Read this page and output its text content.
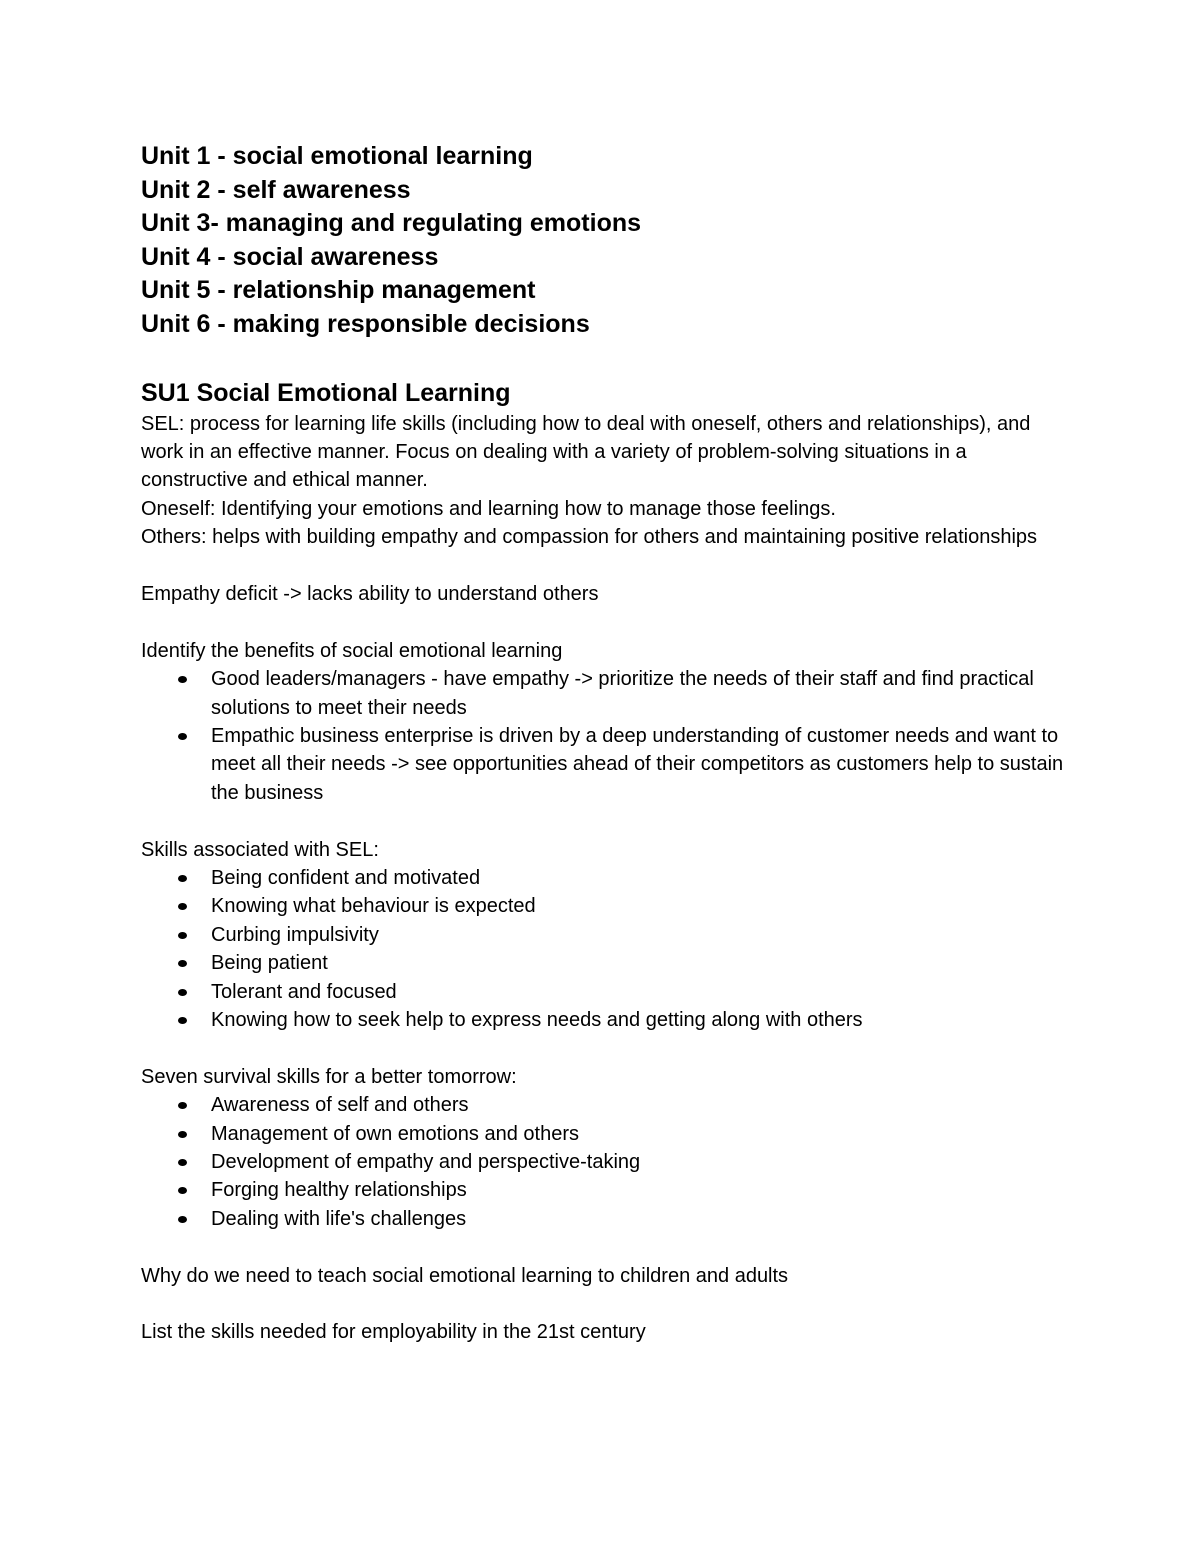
Unit 1 - social emotional learning
Unit 2 - self awareness
Unit 3- managing and regulating emotions
Unit 4 - social awareness
Unit 5 - relationship management
Unit 6 - making responsible decisions
SU1 Social Emotional Learning
SEL: process for learning life skills (including how to deal with oneself, others and relationships), and work in an effective manner. Focus on dealing with a variety of problem-solving situations in a constructive and ethical manner.
Oneself: Identifying your emotions and learning how to manage those feelings.
Others: helps with building empathy and compassion for others and maintaining positive relationships
Empathy deficit -> lacks ability to understand others
Identify the benefits of social emotional learning
Good leaders/managers - have empathy -> prioritize the needs of their staff and find practical solutions to meet their needs
Empathic business enterprise is driven by a deep understanding of customer needs and want to meet all their needs -> see opportunities ahead of their competitors as customers help to sustain the business
Skills associated with SEL:
Being confident and motivated
Knowing what behaviour is expected
Curbing impulsivity
Being patient
Tolerant and focused
Knowing how to seek help to express needs and getting along with others
Seven survival skills for a better tomorrow:
Awareness of self and others
Management of own emotions and others
Development of empathy and perspective-taking
Forging healthy relationships
Dealing with life's challenges
Why do we need to teach social emotional learning to children and adults
List the skills needed for employability in the 21st century
